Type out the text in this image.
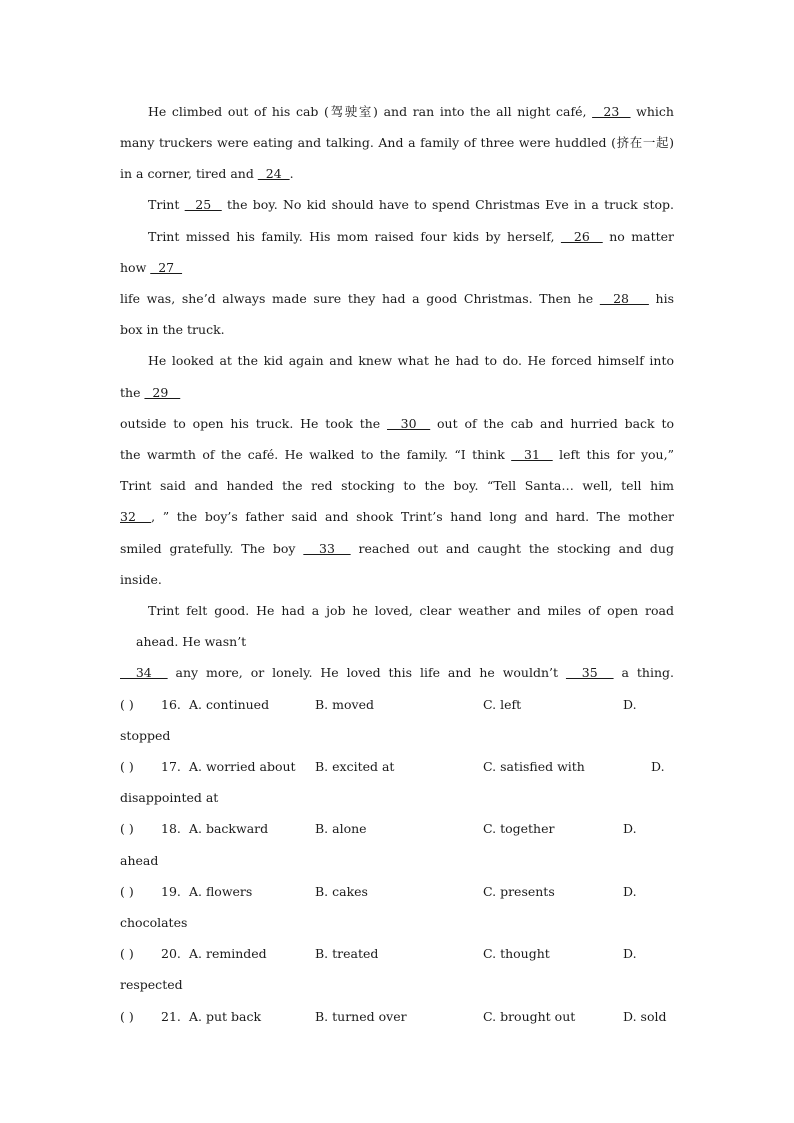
He climbed out of his cab (驾驶室) and ran into the all night café,   23   which
many truckers were eating and talking. And a family of three were huddled (挤在一起)
in a corner, tired and   24  .
Trint   25   the boy. No kid should have to spend Christmas Eve in a truck stop.
Trint missed his family. His mom raised four kids by herself,   26   no matter
how   27
life was, she’d always made sure they had a good Christmas. Then he   28    his
box in the truck.
He looked at the kid again and knew what he had to do. He forced himself into
the   29
outside to open his truck. He took the   30   out of the cab and hurried back to
the warmth of the café. He walked to the family. “I think   31   left this for you,”
Trint said and handed the red stocking to the boy. “Tell Santa… well, tell him
32  , ” the boy’s father said and shook Trint’s hand long and hard. The mother
smiled gratefully. The boy   33   reached out and caught the stocking and dug
inside.
Trint felt good. He had a job he loved, clear weather and miles of open road
ahead. He wasn’t
34   any more, or lonely. He loved this life and he wouldn’t   35   a thing.
( ) 16. A. continued	B. moved	C. left	D.
stopped
( ) 17. A. worried about B. excited at	C. satisfied with	D.
disappointed at
( ) 18. A. backward	B. alone	C. together	D.
ahead
( ) 19. A. flowers	B. cakes	C. presents	D.
chocolates
( ) 20. A. reminded	B. treated	C. thought	D.
respected
( ) 21. A. put back	B. turned over	C. brought out	D. sold
